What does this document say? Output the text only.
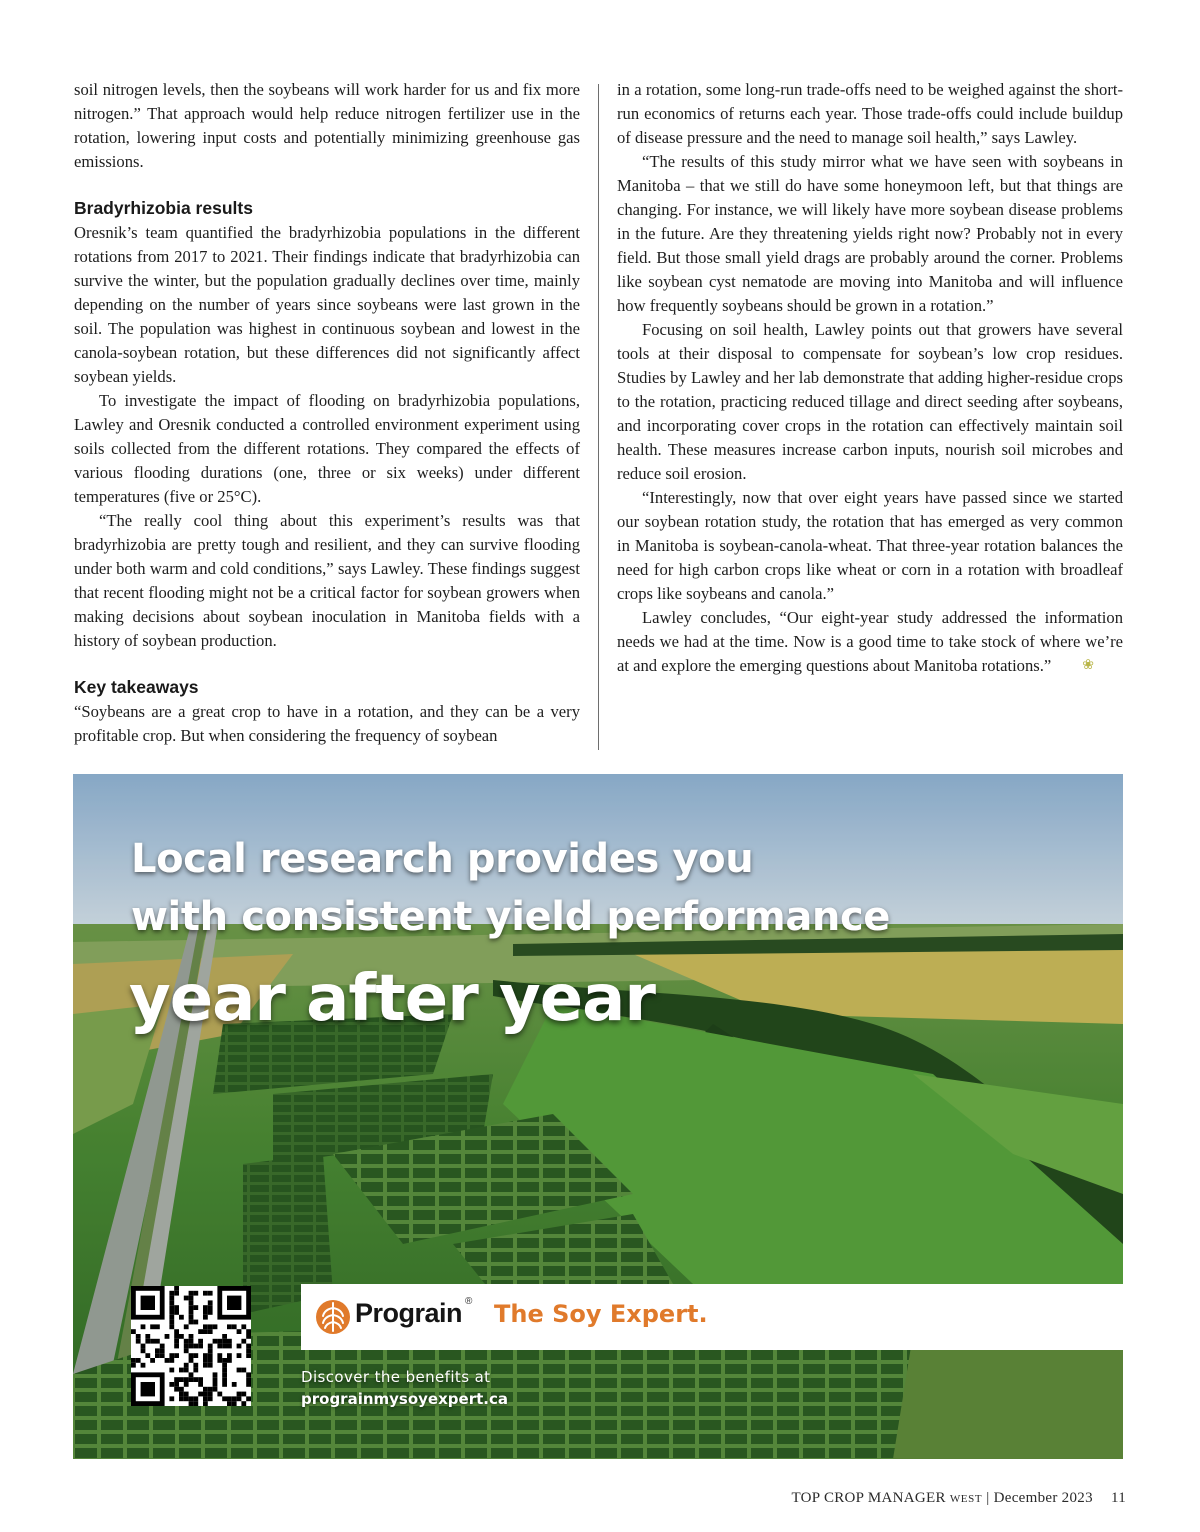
soil nitrogen levels, then the soybeans will work harder for us and fix more nitrogen.” That approach would help reduce nitrogen fertilizer use in the rotation, lowering input costs and potentially minimizing greenhouse gas emissions.

Bradyrhizobia results

Oresnik’s team quantified the bradyrhizobia populations in the different rotations from 2017 to 2021. Their findings indicate that bradyrhizobia can survive the winter, but the population gradually declines over time, mainly depending on the number of years since soybeans were last grown in the soil. The population was highest in continuous soybean and lowest in the canola-soybean rotation, but these differences did not significantly affect soybean yields.

To investigate the impact of flooding on bradyrhizobia populations, Lawley and Oresnik conducted a controlled environment experiment using soils collected from the different rotations. They compared the effects of various flooding durations (one, three or six weeks) under different temperatures (five or 25°C).

“The really cool thing about this experiment’s results was that bradyrhizobia are pretty tough and resilient, and they can survive flooding under both warm and cold conditions,” says Lawley. These findings suggest that recent flooding might not be a critical factor for soybean growers when making decisions about soybean inoculation in Manitoba fields with a history of soybean production.

Key takeaways

“Soybeans are a great crop to have in a rotation, and they can be a very profitable crop. But when considering the frequency of soybean

in a rotation, some long-run trade-offs need to be weighed against the short-run economics of returns each year. Those trade-offs could include buildup of disease pressure and the need to manage soil health,” says Lawley.

“The results of this study mirror what we have seen with soybeans in Manitoba – that we still do have some honeymoon left, but that things are changing. For instance, we will likely have more soybean disease problems in the future. Are they threatening yields right now? Probably not in every field. But those small yield drags are probably around the corner. Problems like soybean cyst nematode are moving into Manitoba and will influence how frequently soybeans should be grown in a rotation.”

Focusing on soil health, Lawley points out that growers have several tools at their disposal to compensate for soybean’s low crop residues. Studies by Lawley and her lab demonstrate that adding higher-residue crops to the rotation, practicing reduced tillage and direct seeding after soybeans, and incorporating cover crops in the rotation can effectively maintain soil health. These measures increase carbon inputs, nourish soil microbes and reduce soil erosion.

“Interestingly, now that over eight years have passed since we started our soybean rotation study, the rotation that has emerged as very common in Manitoba is soybean-canola-wheat. That three-year rotation balances the need for high carbon crops like wheat or corn in a rotation with broadleaf crops like soybeans and canola.”

Lawley concludes, “Our eight-year study addressed the information needs we had at the time. Now is a good time to take stock of where we’re at and explore the emerging questions about Manitoba rotations.” ❀

Local research provides you
with consistent yield performance
year after year
Prograin ® The Soy Expert.
Discover the benefits at
prograinmysoyexpert.ca
TOP CROP MANAGER WEST | December 2023 11
